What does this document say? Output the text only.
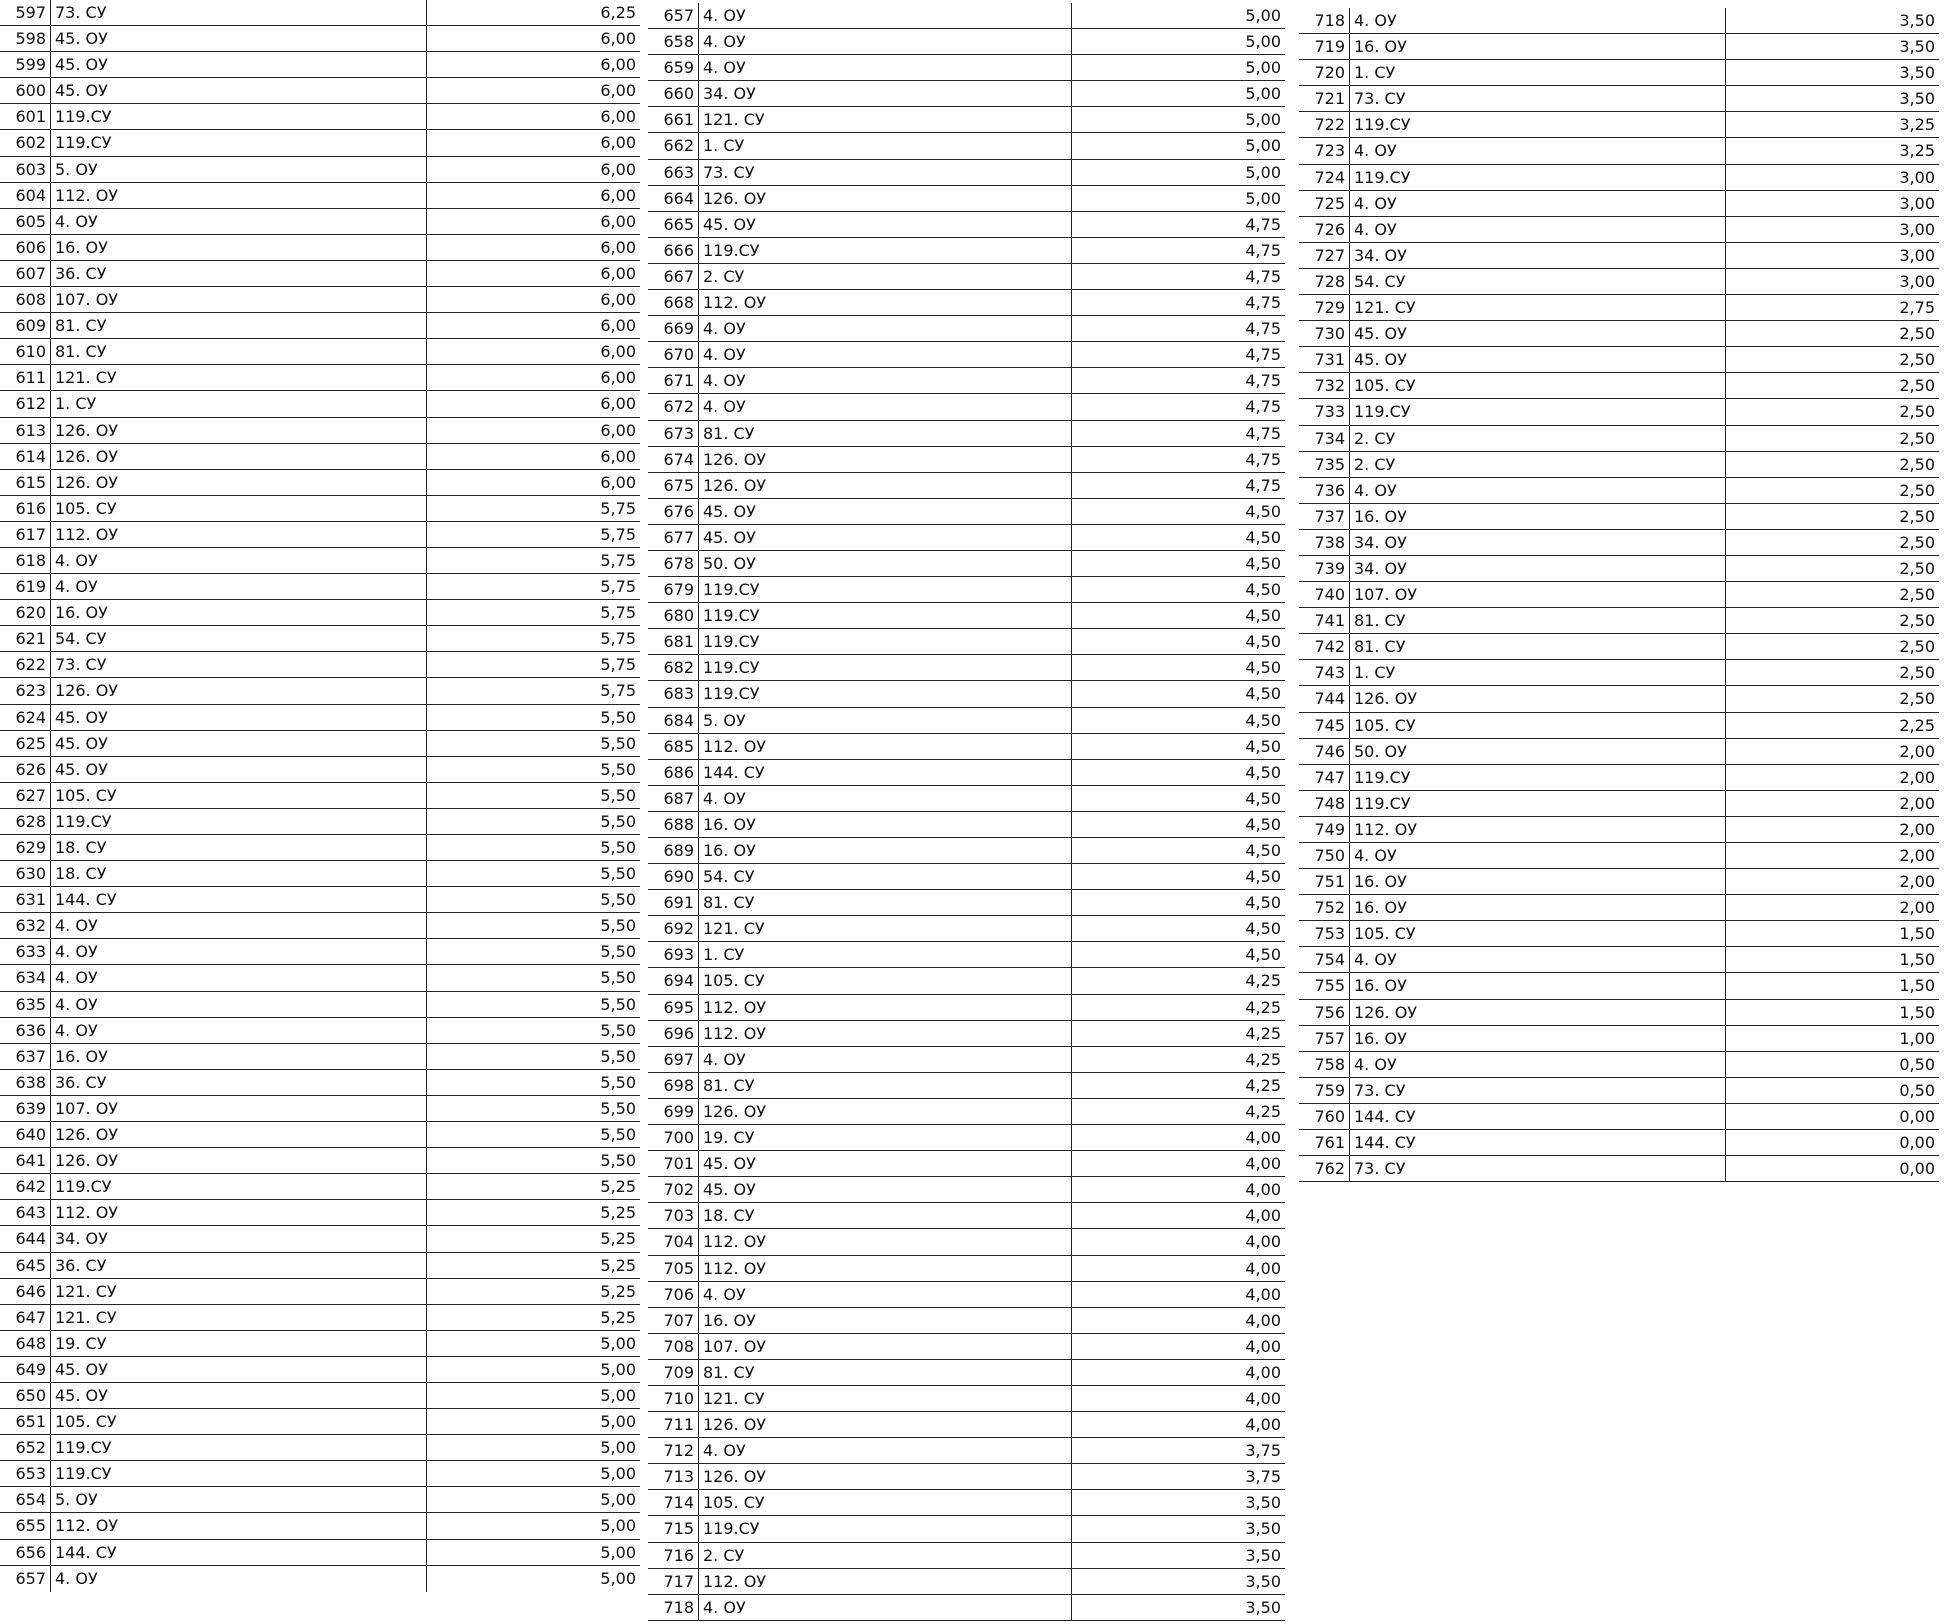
597 73. СУ	6,25
598 45. ОУ	6,00
599 45. ОУ	6,00
600 45. ОУ	6,00
601 119.СУ	6,00
602 119.СУ	6,00
603 5. ОУ	6,00
604 112. ОУ	6,00
605 4. ОУ	6,00
606 16. ОУ	6,00
607 36. СУ	6,00
608 107. ОУ	6,00
609 81. СУ	6,00
610 81. СУ	6,00
611 121. СУ	6,00
612 1. СУ	6,00
613 126. ОУ	6,00
614 126. ОУ	6,00
615 126. ОУ	6,00
616 105. СУ	5,75
617 112. ОУ	5,75
618 4. ОУ	5,75
619 4. ОУ	5,75
620 16. ОУ	5,75
621 54. СУ	5,75
622 73. СУ	5,75
623 126. ОУ	5,75
624 45. ОУ	5,50
625 45. ОУ	5,50
626 45. ОУ	5,50
627 105. СУ	5,50
628 119.СУ	5,50
629 18. СУ	5,50
630 18. СУ	5,50
631 144. СУ	5,50
632 4. ОУ	5,50
633 4. ОУ	5,50
634 4. ОУ	5,50
635 4. ОУ	5,50
636 4. ОУ	5,50
637 16. ОУ	5,50
638 36. СУ	5,50
639 107. ОУ	5,50
640 126. ОУ	5,50
641 126. ОУ	5,50
642 119.СУ	5,25
643 112. ОУ	5,25
644 34. ОУ	5,25
645 36. СУ	5,25
646 121. СУ	5,25
647 121. СУ	5,25
648 19. СУ	5,00
649 45. ОУ	5,00
650 45. ОУ	5,00
651 105. СУ	5,00
652 119.СУ	5,00
653 119.СУ	5,00
654 5. ОУ	5,00
655 112. ОУ	5,00
656 144. СУ	5,00
657 4. ОУ	5,00
657 4. ОУ	5,00
658 4. ОУ	5,00
659 4. ОУ	5,00
660 34. ОУ	5,00
661 121. СУ	5,00
662 1. СУ	5,00
663 73. СУ	5,00
664 126. ОУ	5,00
665 45. ОУ	4,75
666 119.СУ	4,75
667 2. СУ	4,75
668 112. ОУ	4,75
669 4. ОУ	4,75
670 4. ОУ	4,75
671 4. ОУ	4,75
672 4. ОУ	4,75
673 81. СУ	4,75
674 126. ОУ	4,75
675 126. ОУ	4,75
676 45. ОУ	4,50
677 45. ОУ	4,50
678 50. ОУ	4,50
679 119.СУ	4,50
680 119.СУ	4,50
681 119.СУ	4,50
682 119.СУ	4,50
683 119.СУ	4,50
684 5. ОУ	4,50
685 112. ОУ	4,50
686 144. СУ	4,50
687 4. ОУ	4,50
688 16. ОУ	4,50
689 16. ОУ	4,50
690 54. СУ	4,50
691 81. СУ	4,50
692 121. СУ	4,50
693 1. СУ	4,50
694 105. СУ	4,25
695 112. ОУ	4,25
696 112. ОУ	4,25
697 4. ОУ	4,25
698 81. СУ	4,25
699 126. ОУ	4,25
700 19. СУ	4,00
701 45. ОУ	4,00
702 45. ОУ	4,00
703 18. СУ	4,00
704 112. ОУ	4,00
705 112. ОУ	4,00
706 4. ОУ	4,00
707 16. ОУ	4,00
708 107. ОУ	4,00
709 81. СУ	4,00
710 121. СУ	4,00
711 126. ОУ	4,00
712 4. ОУ	3,75
713 126. ОУ	3,75
714 105. СУ	3,50
715 119.СУ	3,50
716 2. СУ	3,50
717 112. ОУ	3,50
718 4. ОУ	3,50
718 4. ОУ	3,50
719 16. ОУ	3,50
720 1. СУ	3,50
721 73. СУ	3,50
722 119.СУ	3,25
723 4. ОУ	3,25
724 119.СУ	3,00
725 4. ОУ	3,00
726 4. ОУ	3,00
727 34. ОУ	3,00
728 54. СУ	3,00
729 121. СУ	2,75
730 45. ОУ	2,50
731 45. ОУ	2,50
732 105. СУ	2,50
733 119.СУ	2,50
734 2. СУ	2,50
735 2. СУ	2,50
736 4. ОУ	2,50
737 16. ОУ	2,50
738 34. ОУ	2,50
739 34. ОУ	2,50
740 107. ОУ	2,50
741 81. СУ	2,50
742 81. СУ	2,50
743 1. СУ	2,50
744 126. ОУ	2,50
745 105. СУ	2,25
746 50. ОУ	2,00
747 119.СУ	2,00
748 119.СУ	2,00
749 112. ОУ	2,00
750 4. ОУ	2,00
751 16. ОУ	2,00
752 16. ОУ	2,00
753 105. СУ	1,50
754 4. ОУ	1,50
755 16. ОУ	1,50
756 126. ОУ	1,50
757 16. ОУ	1,00
758 4. ОУ	0,50
759 73. СУ	0,50
760 144. СУ	0,00
761 144. СУ	0,00
762 73. СУ	0,00
